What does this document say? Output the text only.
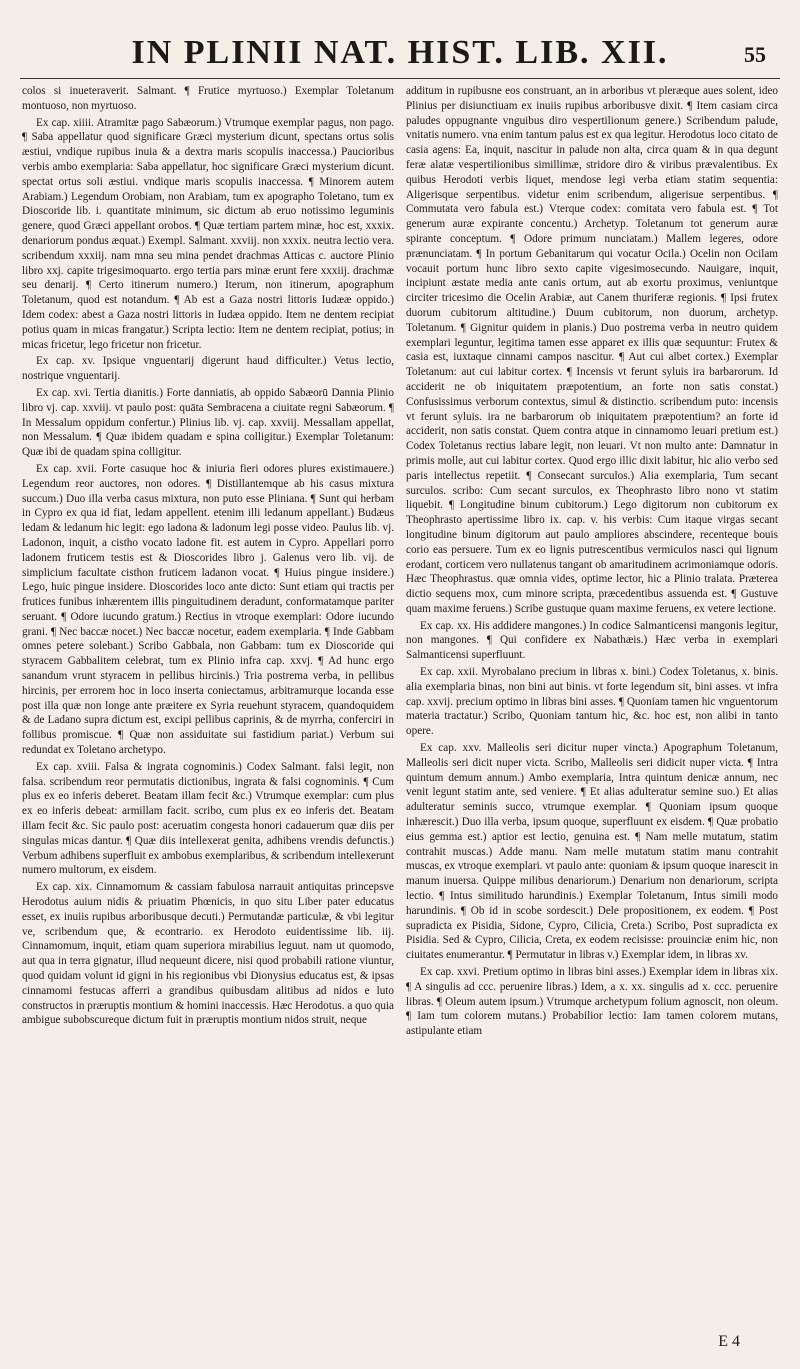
IN PLINII NAT. HIST. LIB. XII.	55

colos si inueteraverit. Salmant. ¶ Frutice myrtuoso.) Exemplar Toletanum montuoso, non myrtuoso.

Ex cap. xiiii. Atramitæ pago Sabæorum.) Vtrumque exemplar pagus, non pago. ¶ Saba appellatur quod significare Græci mysterium dicunt, spectans ortus solis æstiui, vndique rupibus inuia & a dextra maris scopulis inaccessa.) Paucioribus verbis ambo exemplaria: Saba appellatur, hoc significare Græci mysterium dicunt. spectat ortus soli æstiui. vndique maris scopulis inaccessa. ¶ Minorem autem Arabiam.) Legendum Orobiam, non Arabiam, tum ex apographo Toletano, tum ex Dioscoride lib. i. quantitate minimum, sic dictum ab eruo notissimo leguminis genere, quod Græci appellant orobos. ¶ Quæ tertiam partem minæ, hoc est, xxxix. denariorum pondus æquat.) Exempl. Salmant. xxviij. non xxxix. neutra lectio vera. scribendum xxxiij. nam mna seu mina pendet drachmas Atticas c. auctore Plinio libro xxj. capite trigesimoquarto. ergo tertia pars minæ erunt fere xxxiij. drachmæ seu denarij. ¶ Certo itinerum numero.) Iterum, non itinerum, apographum Toletanum, quod est notandum. ¶ Ab est a Gaza nostri littoris Iudææ oppido.) Idem codex: abest a Gaza nostri littoris in Iudæa oppido. Item ne dentem recipiat potius quam in micas frangatur.) Scripta lectio: Item ne dentem recipiat, potius; in micas fricetur, lego fricetur non fricetur.

Ex cap. xv. Ipsique vnguentarij digerunt haud difficulter.) Vetus lectio, nostrique vnguentarij.

Ex cap. xvi. Tertia dianitis.) Forte danniatis, ab oppido Sabæorū Dannia Plinio libro vj. cap. xxviij. vt paulo post: quāta Sembracena a ciuitate regni Sabæorum. ¶ In Messalum oppidum confertur.) Plinius lib. vj. cap. xxviij. Messallam appellat, non Messalum. ¶ Quæ ibidem quadam e spina colligitur.) Exemplar Toletanum: Quæ ibi de quadam spina colligitur.

Ex cap. xvii. Forte casuque hoc & iniuria fieri odores plures existimauere.) Legendum reor auctores, non odores. ¶ Distillantemque ab his casus mixtura succum.) Duo illa verba casus mixtura, non puto esse Pliniana. ¶ Sunt qui herbam in Cypro ex qua id fiat, ledam appellent. etenim illi ledanum appellant.) Budæus ledam & ledanum hic legit: ego ladona & ladonum legi posse video. Paulus lib. vj. Ladonon, inquit, a cistho vocato ladone fit. est autem in Cypro. Appellari porro ladonem fruticem testis est & Dioscorides libro j. Galenus vero lib. vij. de simplicium facultate cisthon fruticem ladanon vocat. ¶ Huius pingue insidere.) Lego, huic pingue insidere. Dioscorides loco ante dicto: Sunt etiam qui tractis per frutices funibus inhærentem illis pinguitudinem deradunt, conformatamque pariter seruant. ¶ Odore iucundo gratum.) Rectius in vtroque exemplari: Odore iucundo grani. ¶ Nec baccæ nocet.) Nec baccæ nocetur, eadem exemplaria. ¶ Inde Gabbam omnes petere solebant.) Scribo Gabbala, non Gabbam: tum ex Dioscoride qui styracem Gabbalitem celebrat, tum ex Plinio infra cap. xxvj. ¶ Ad hunc ergo sanandum vrunt styracem in pellibus hircinis.) Tria postrema verba, in pellibus hircinis, per errorem hoc in loco inserta coniectamus, arbitramurque locanda esse post illa quæ non longe ante præitere ex Syria reuehunt styracem, quandoquidem & de Ladano supra dictum est, excipi pellibus caprinis, & de myrrha, conferciri in follibus promiscue. ¶ Quæ non assiduitate sui fastidium pariat.) Verbum sui redundat ex Toletano archetypo.

Ex cap. xviii. Falsa & ingrata cognominis.) Codex Salmant. falsi legit, non falsa. scribendum reor permutatis dictionibus, ingrata & falsi cognominis. ¶ Cum plus ex eo inferis deberet. Beatam illam fecit &c.) Vtrumque exemplar: cum plus ex eo inferis debeat: armillam facit. scribo, cum plus ex eo inferis det. Beatam illam fecit &c. Sic paulo post: aceruatim congesta honori cadauerum quæ diis per singulas micas dantur. ¶ Quæ diis intellexerat genita, adhibens vrendis defunctis.) Verbum adhibens superfluit ex ambobus exemplaribus, & scribendum intellexerunt numero multorum, ex eisdem.

Ex cap. xix. Cinnamomum & cassiam fabulosa narrauit antiquitas princepsve Herodotus auium nidis & priuatim Phœnicis, in quo situ Liber pater educatus esset, ex inuiis rupibus arboribusque decuti.) Permutandæ particulæ, & vbi legitur ve, scribendum que, & econtrario. ex Herodoto euidentissime lib. iij. Cinnamomum, inquit, etiam quam superiora mirabilius leguut. nam ut quomodo, aut qua in terra gignatur, illud nequeunt dicere, nisi quod probabili ratione viuntur, quod quidam volunt id gigni in his regionibus vbi Dionysius educatus est, & ipsas cinnamomi festucas afferri a grandibus quibusdam alitibus ad nidos e luto constructos in præruptis montium & homini inaccessis. Hæc Herodotus. a quo quia ambigue subobscureque dictum fuit in præruptis montium nidos struit, neque

additum in rupibusne eos construant, an in arboribus vt pleræque aues solent, ideo Plinius per disiunctiuam ex inuiis rupibus arboribusve dixit. ¶ Item casiam circa paludes oppugnante vnguibus diro vespertilionum genere.) Scribendum palude, vnitatis numero. vna enim tantum palus est ex qua legitur. Herodotus loco citato de casia agens: Ea, inquit, nascitur in palude non alta, circa quam & in qua degunt feræ alatæ vespertilionibus simillimæ, stridore diro & viribus prævalentibus. Ex quibus Herodoti verbis liquet, mendose legi verba etiam statim sequentia: Aligerisque serpentibus. videtur enim scribendum, aligerisue serpentibus. ¶ Commutata vero fabula est.) Vterque codex: comitata vero fabula est. ¶ Tot generum auræ expirante concentu.) Archetyp. Toletanum tot generum auræ spirante conceptum. ¶ Odore primum nunciatam.) Mallem legeres, odore prænunciatam. ¶ In portum Gebanitarum qui vocatur Ocila.) Ocelin non Ocilam vocauit portum hunc libro sexto capite vigesimosecundo. Nauigare, inquit, incipiunt æstate media ante canis ortum, aut ab exortu proximus, veniuntque circiter tricesimo die Ocelin Arabiæ, aut Canem thuriferæ regionis. ¶ Ipsi frutex duorum cubitorum altitudine.) Duum cubitorum, non duorum, archetyp. Toletanum. ¶ Gignitur quidem in planis.) Duo postrema verba in neutro quidem exemplari leguntur, legitima tamen esse apparet ex illis quæ sequuntur: Frutex & casia est, iuxtaque cinnami campos nascitur. ¶ Aut cui albet cortex.) Exemplar Toletanum: aut cui labitur cortex. ¶ Incensis vt ferunt syluis ira barbarorum. Id acciderit ne ob iniquitatem præpotentium, an forte non satis constat.) Confusissimus verborum contextus, simul & distinctio. scribendum puto: incensis vt ferunt syluis. ira ne barbarorum ob iniquitatem præpotentium? an forte id acciderit, non satis constat. Quem contra atque in cinnamomo leuari pretium est.) Codex Toletanus rectius labare legit, non leuari. Vt non multo ante: Damnatur in primis molle, aut cui labitur cortex. Quod ergo illic dixit labitur, hic alio verbo sed paris intellectus repetiit. ¶ Consecant surculos.) Alia exemplaria, Tum secant surculos. scribo: Cum secant surculos, ex Theophrasto libro nono vt statim liquebit. ¶ Longitudine binum cubitorum.) Lego digitorum non cubitorum ex Theophrasto apertissime libro ix. cap. v. his verbis: Cum itaque virgas secant longitudine binum digitorum aut paulo ampliores abscindere, recenteque bouis corio eas persuere. Tum ex eo lignis putrescentibus vermiculos nasci qui lignum erodant, corticem vero nullatenus tangant ob amaritudinem acrimoniamque odoris. Hæc Theophrastus. quæ omnia vides, optime lector, hic a Plinio tralata. Præterea dictio sequens mox, cum minore scripta, præcedentibus assuenda est. ¶ Gustuve quam maxime feruens.) Scribe gustuque quam maxime feruens, ex vetere lectione.

Ex cap. xx. His addidere mangones.) In codice Salmanticensi mangonis legitur, non mangones. ¶ Qui confidere ex Nabathæis.) Hæc verba in exemplari Salmanticensi superfluunt.

Ex cap. xxii. Myrobalano precium in libras x. bini.) Codex Toletanus, x. binis. alia exemplaria binas, non bini aut binis. vt forte legendum sit, bini asses. vt infra cap. xxvij. precium optimo in libras bini asses. ¶ Quoniam tamen hic vnguentorum materia tractatur.) Scribo, Quoniam tantum hic, &c. hoc est, non alibi in tanto opere.

Ex cap. xxv. Malleolis seri dicitur nuper vincta.) Apographum Toletanum, Malleolis seri dicit nuper victa. Scribo, Malleolis seri didicit nuper victa. ¶ Intra quintum demum annum.) Ambo exemplaria, Intra quintum denicæ annum, nec venit legunt statim ante, sed veniere. ¶ Et alias adulteratur semine suo.) Et alias adulteratur seminis succo, vtrumque exemplar. ¶ Quoniam ipsum quoque inhærescit.) Duo illa verba, ipsum quoque, superfluunt ex eisdem. ¶ Quæ probatio eius gemma est.) aptior est lectio, genuina est. ¶ Nam melle mutatum, statim contrahit muscas.) Adde manu. Nam melle mutatum statim manu contrahit muscas, ex vtroque exemplari. vt paulo ante: quoniam & ipsum quoque inarescit in manum inuersa. Quippe milibus denariorum.) Denarium non denariorum, scripta lectio. ¶ Intus similitudo harundinis.) Exemplar Toletanum, Intus simili modo harundinis. ¶ Ob id in scobe sordescit.) Dele propositionem, ex eodem. ¶ Post supradicta ex Pisidia, Sidone, Cypro, Cilicia, Creta.) Scribo, Post supradicta ex Pisidia. Sed & Cypro, Cilicia, Creta, ex eodem recisisse: prouinciæ enim hic, non ciuitates enumerantur. ¶ Permutatur in libras v.) Exemplar idem, in libras xv.

Ex cap. xxvi. Pretium optimo in libras bini asses.) Exemplar idem in libras xix. ¶ A singulis ad ccc. peruenire libras.) Idem, a x. xx. singulis ad x. ccc. peruenire libras. ¶ Oleum autem ipsum.) Vtrumque archetypum folium agnoscit, non oleum. ¶ Iam tum colorem mutans.) Probabilior lectio: Iam tamen colorem mutans, astipulante etiam

E 4
